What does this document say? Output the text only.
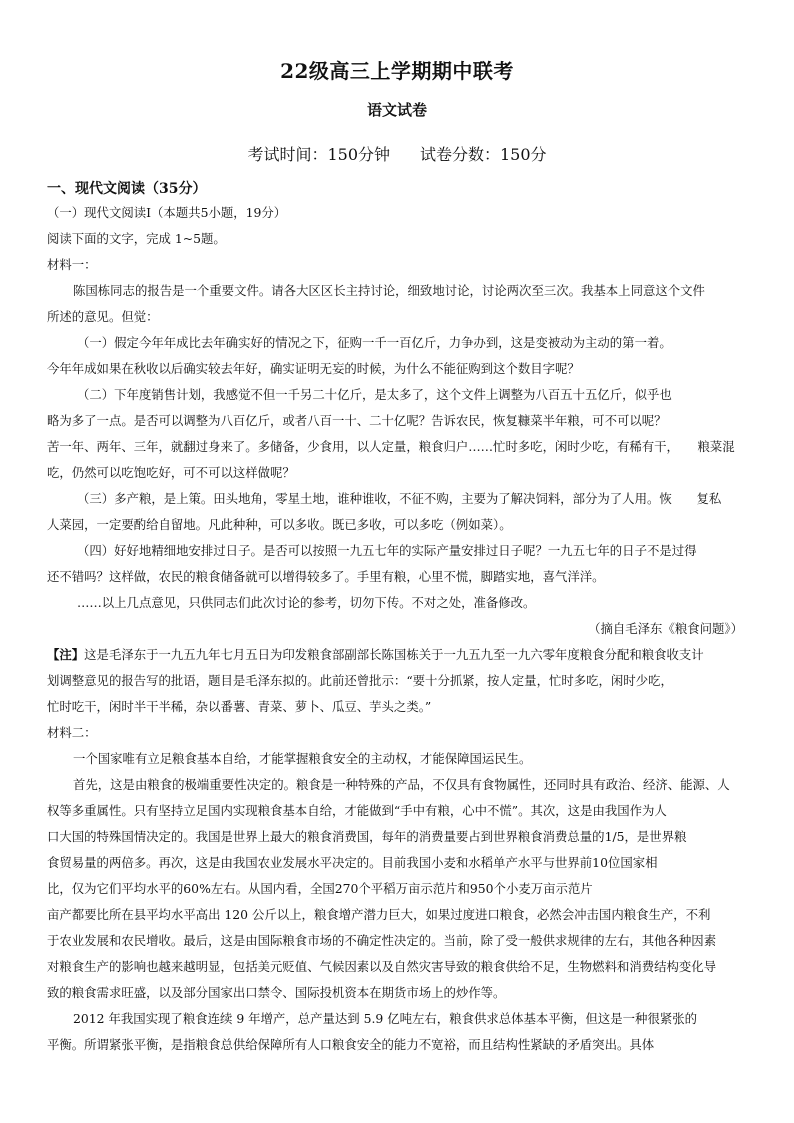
22级高三上学期期中联考
语文试卷
考试时间：150分钟 试卷分数：150分
一、现代文阅读（35分）
（一）现代文阅读Ⅰ（本题共5小题，19分）
阅读下面的文字，完成 1~5题。
材料一：
陈国栋同志的报告是一个重要文件。请各大区区长主持讨论，细致地讨论，讨论两次至三次。我基本上同意这个文件
所述的意见。但觉：
（一）假定今年年成比去年确实好的情况之下，征购一千一百亿斤，力争办到，这是变被动为主动的第一着。
今年年成如果在秋收以后确实较去年好，确实证明无妄的时候，为什么不能征购到这个数目字呢？
（二）下年度销售计划，我感觉不但一千另二十亿斤，是太多了，这个文件上调整为八百五十五亿斤，似乎也
略为多了一点。是否可以调整为八百亿斤，或者八百一十、二十亿呢？告诉农民，恢复糠菜半年粮，可不可以呢？
苦一年、两年、三年，就翻过身来了。多储备，少食用，以人定量，粮食归户……忙时多吃，闲时少吃，有稀有干，　　粮菜混
吃，仍然可以吃饱吃好，可不可以这样做呢？
（三）多产粮，是上策。田头地角，零星土地，谁种谁收，不征不购，主要为了解决饲料，部分为了人用。恢　　复私
人菜园，一定要酌给自留地。凡此种种，可以多收。既已多收，可以多吃（例如菜）。
（四）好好地精细地安排过日子。是否可以按照一九五七年的实际产量安排过日子呢？一九五七年的日子不是过得
还不错吗？这样做，农民的粮食储备就可以增得较多了。手里有粮，心里不慌，脚踏实地，喜气洋洋。
……以上几点意见，只供同志们此次讨论的参考，切勿下传。不对之处，准备修改。
（摘自毛泽东《粮食问题》）
【注】这是毛泽东于一九五九年七月五日为印发粮食部副部长陈国栋关于一九五九至一九六零年度粮食分配和粮食收支计
划调整意见的报告写的批语，题目是毛泽东拟的。此前还曾批示：“要十分抓紧，按人定量，忙时多吃，闲时少吃，
忙时吃干，闲时半干半稀，杂以番薯、青菜、萝卜、瓜豆、芋头之类。”
材料二：
一个国家唯有立足粮食基本自给，才能掌握粮食安全的主动权，才能保障国运民生。
首先，这是由粮食的极端重要性决定的。粮食是一种特殊的产品，不仅具有食物属性，还同时具有政治、经济、能源、人
权等多重属性。只有坚持立足国内实现粮食基本自给，才能做到“手中有粮，心中不慌”。其次，这是由我国作为人
口大国的特殊国情决定的。我国是世界上最大的粮食消费国，每年的消费量要占到世界粮食消费总量的1/5，是世界粮
食贸易量的两倍多。再次，这是由我国农业发展水平决定的。目前我国小麦和水稻单产水平与世界前10位国家相
比，仅为它们平均水平的60%左右。从国内看，全国270个平稻万亩示范片和950个小麦万亩示范片
亩产都要比所在县平均水平高出 120 公斤以上，粮食增产潜力巨大，如果过度进口粮食，必然会冲击国内粮食生产，不利
于农业发展和农民增收。最后，这是由国际粮食市场的不确定性决定的。当前，除了受一般供求规律的左右，其他各种因素
对粮食生产的影响也越来越明显，包括美元贬值、气候因素以及自然灾害导致的粮食供给不足，生物燃料和消费结构变化导
致的粮食需求旺盛，以及部分国家出口禁令、国际投机资本在期货市场上的炒作等。
2012 年我国实现了粮食连续 9 年增产，总产量达到 5.9 亿吨左右，粮食供求总体基本平衡，但这是一种很紧张的
平衡。所谓紧张平衡，是指粮食总供给保障所有人口粮食安全的能力不宽裕，而且结构性紧缺的矛盾突出。具体
